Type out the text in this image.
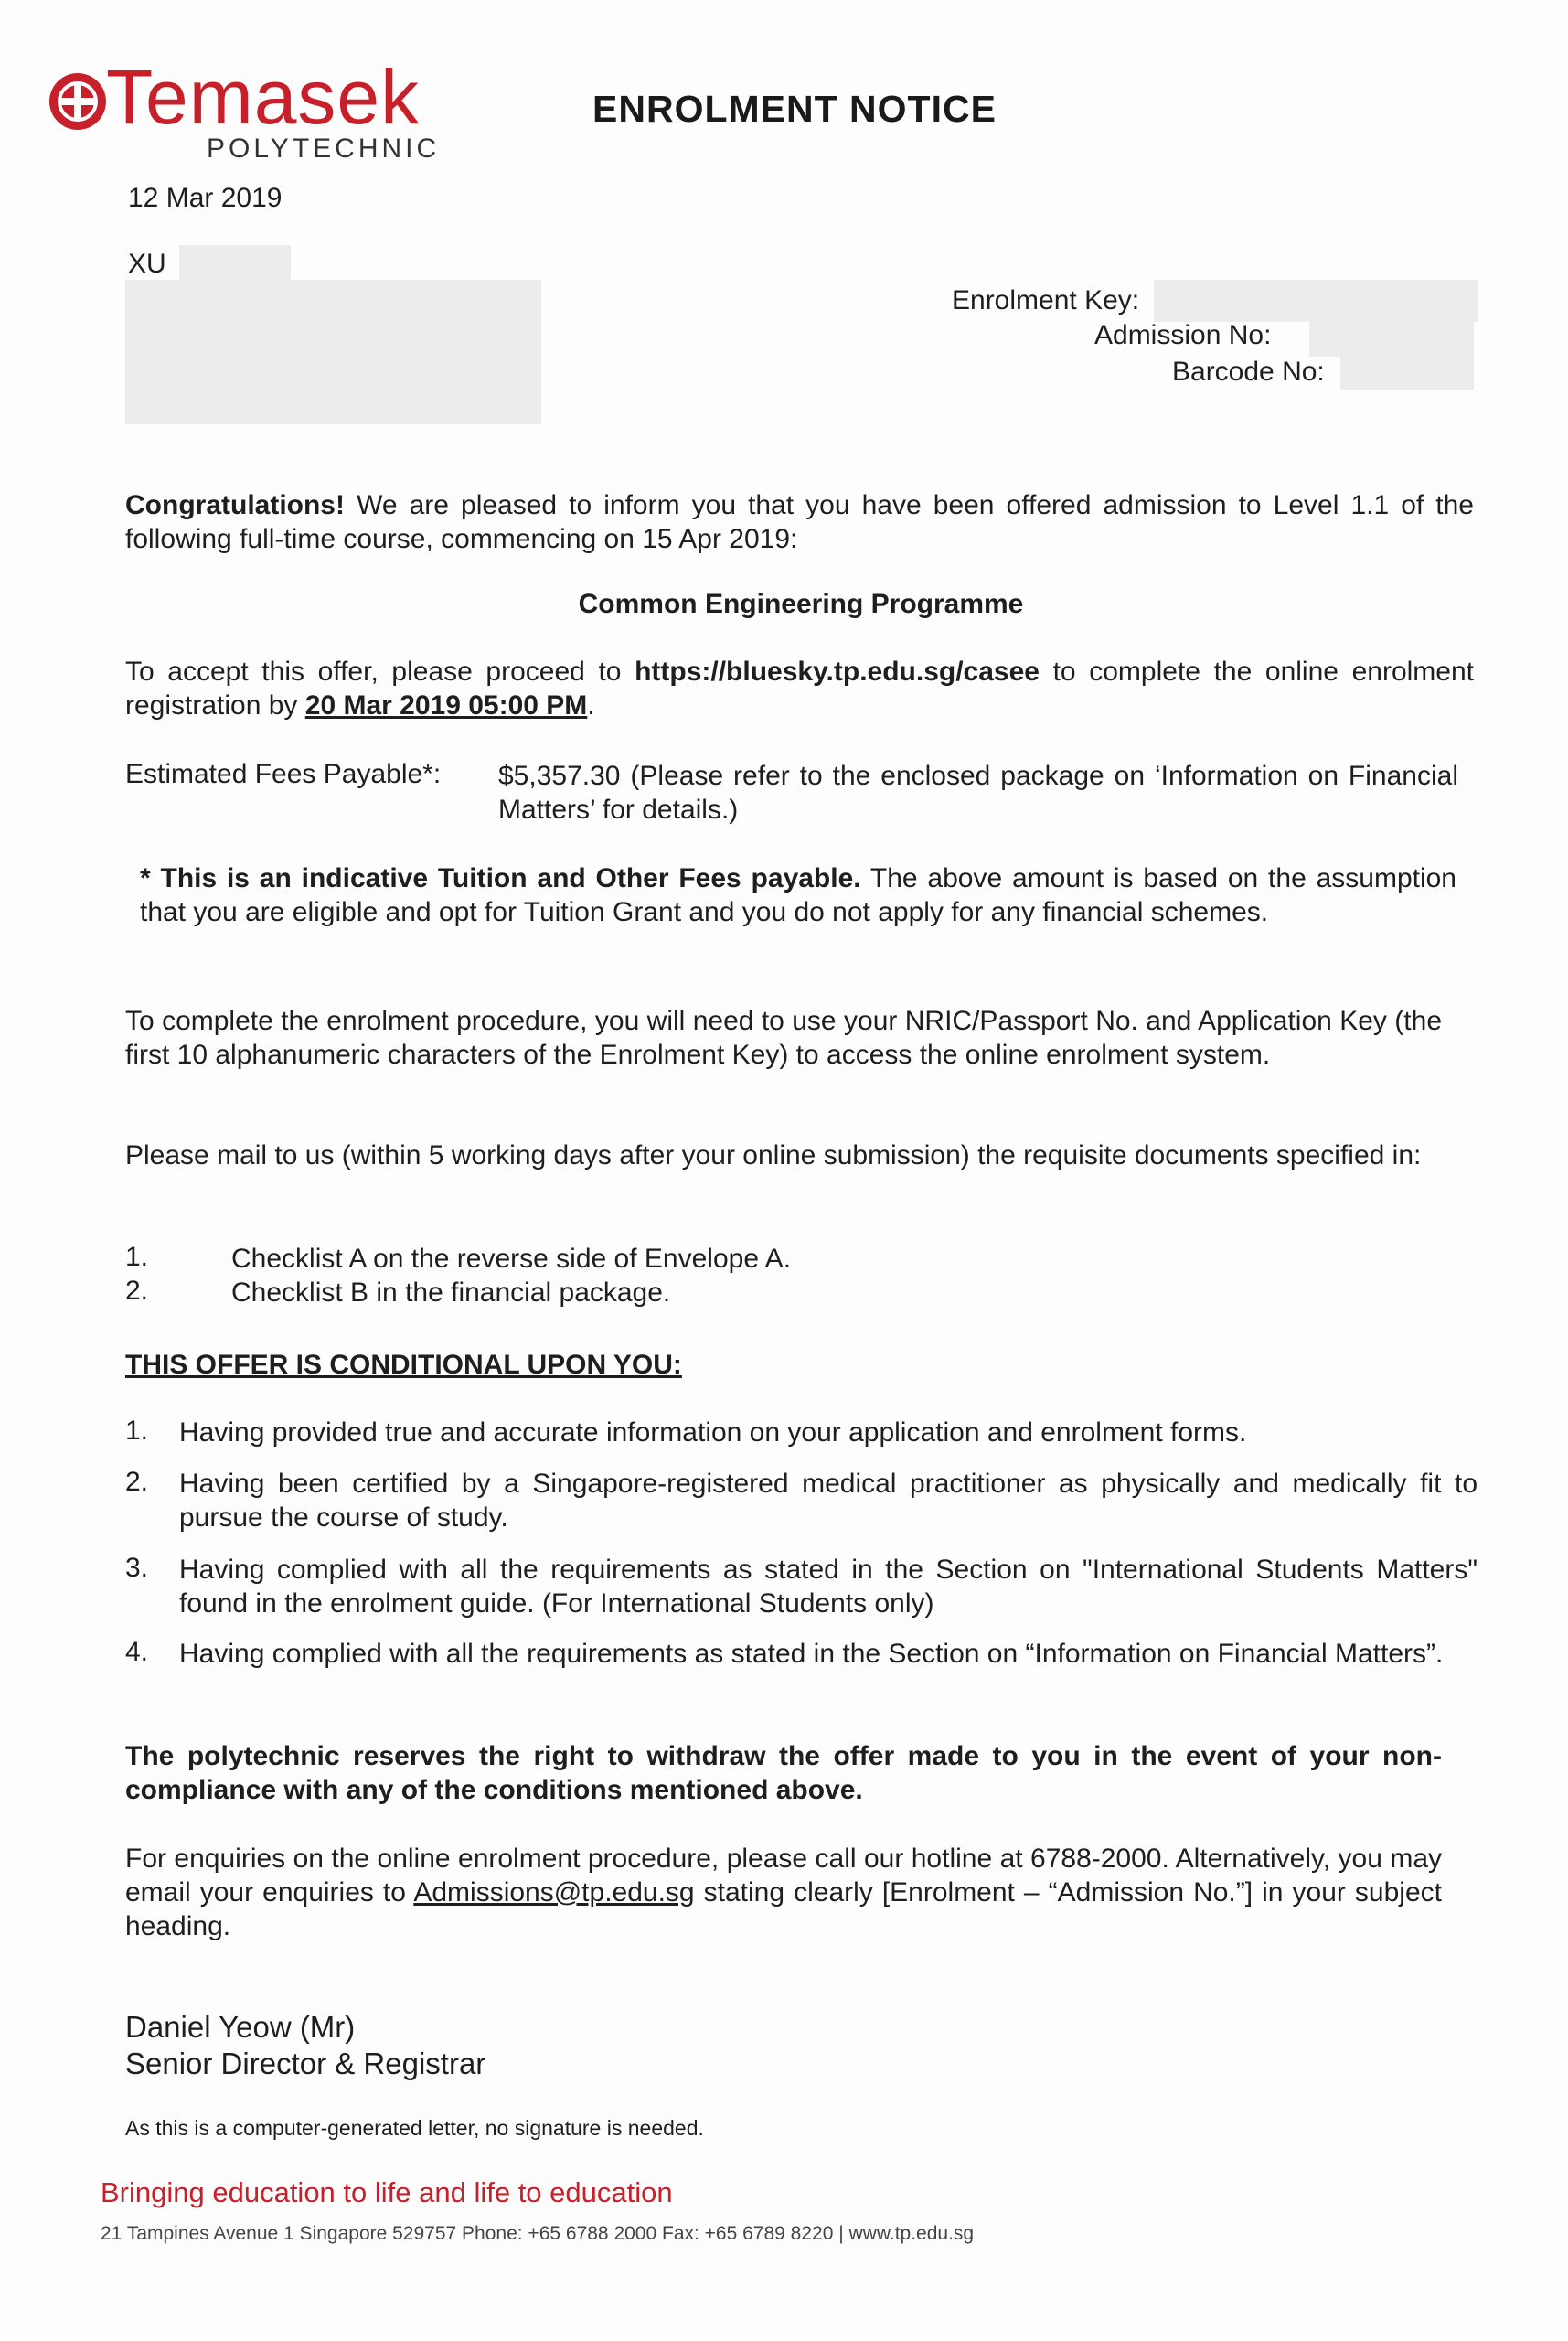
Temasek
POLYTECHNIC
ENROLMENT NOTICE
12 Mar 2019
XU
Enrolment Key:
Admission No:
Barcode No:

Congratulations! We are pleased to inform you that you have been offered admission to Level 1.1 of the following full-time course, commencing on 15 Apr 2019:

Common Engineering Programme

To accept this offer, please proceed to https://bluesky.tp.edu.sg/casee to complete the online enrolment registration by 20 Mar 2019 05:00 PM.

Estimated Fees Payable*: $5,357.30 (Please refer to the enclosed package on ‘Information on Financial Matters’ for details.)

* This is an indicative Tuition and Other Fees payable. The above amount is based on the assumption that you are eligible and opt for Tuition Grant and you do not apply for any financial schemes.

To complete the enrolment procedure, you will need to use your NRIC/Passport No. and Application Key (the first 10 alphanumeric characters of the Enrolment Key) to access the online enrolment system.

Please mail to us (within 5 working days after your online submission) the requisite documents specified in:

1.	Checklist A on the reverse side of Envelope A.
2.	Checklist B in the financial package.
THIS OFFER IS CONDITIONAL UPON YOU:
1. Having provided true and accurate information on your application and enrolment forms.
2. Having been certified by a Singapore-registered medical practitioner as physically and medically fit to pursue the course of study.
3. Having complied with all the requirements as stated in the Section on "International Students Matters" found in the enrolment guide. (For International Students only)
4. Having complied with all the requirements as stated in the Section on “Information on Financial Matters”.

The polytechnic reserves the right to withdraw the offer made to you in the event of your non-compliance with any of the conditions mentioned above.

For enquiries on the online enrolment procedure, please call our hotline at 6788-2000. Alternatively, you may email your enquiries to Admissions@tp.edu.sg stating clearly [Enrolment – “Admission No.”] in your subject heading.

Daniel Yeow (Mr)
Senior Director & Registrar
As this is a computer-generated letter, no signature is needed.
Bringing education to life and life to education
21 Tampines Avenue 1 Singapore 529757 Phone: +65 6788 2000 Fax: +65 6789 8220 | www.tp.edu.sg
